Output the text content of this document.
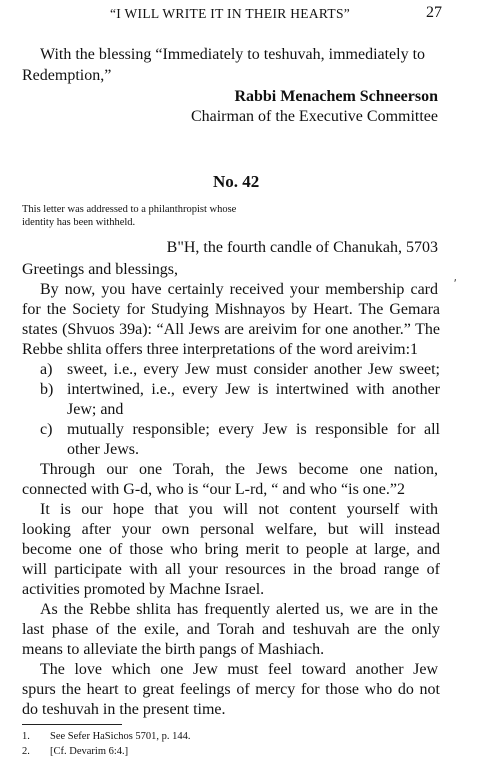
“I WILL WRITE IT IN THEIR HEARTS”	27
With the blessing “Immediately to teshuvah, immediately to
Redemption,”
Rabbi Menachem Schneerson
Chairman of the Executive Committee
No. 42
This letter was addressed to a philanthropist whose
identity has been withheld.
B"H, the fourth candle of Chanukah, 5703
Greetings and blessings,
ʹ
By now, you have certainly received your membership card
for the Society for Studying Mishnayos by Heart. The Gemara
states (Shvuos 39a): “All Jews are areivim for one another.” The
Rebbe shlita offers three interpretations of the word areivim:1
a) sweet, i.e., every Jew must consider another Jew sweet;
b) intertwined, i.e., every Jew is intertwined with another
Jew; and
c) mutually responsible; every Jew is responsible for all
other Jews.
Through our one Torah, the Jews become one nation,
connected with G-d, who is “our L-rd, “ and who “is one.”2
It is our hope that you will not content yourself with
looking after your own personal welfare, but will instead
become one of those who bring merit to people at large, and
will participate with all your resources in the broad range of
activities promoted by Machne Israel.
As the Rebbe shlita has frequently alerted us, we are in the
last phase of the exile, and Torah and teshuvah are the only
means to alleviate the birth pangs of Mashiach.
1. See Sefer HaSichos 5701, p. 144.
2. [Cf. Devarim 6:4.]
The love which one Jew must feel toward another Jew
spurs the heart to great feelings of mercy for those who do not
do teshuvah in the present time.
